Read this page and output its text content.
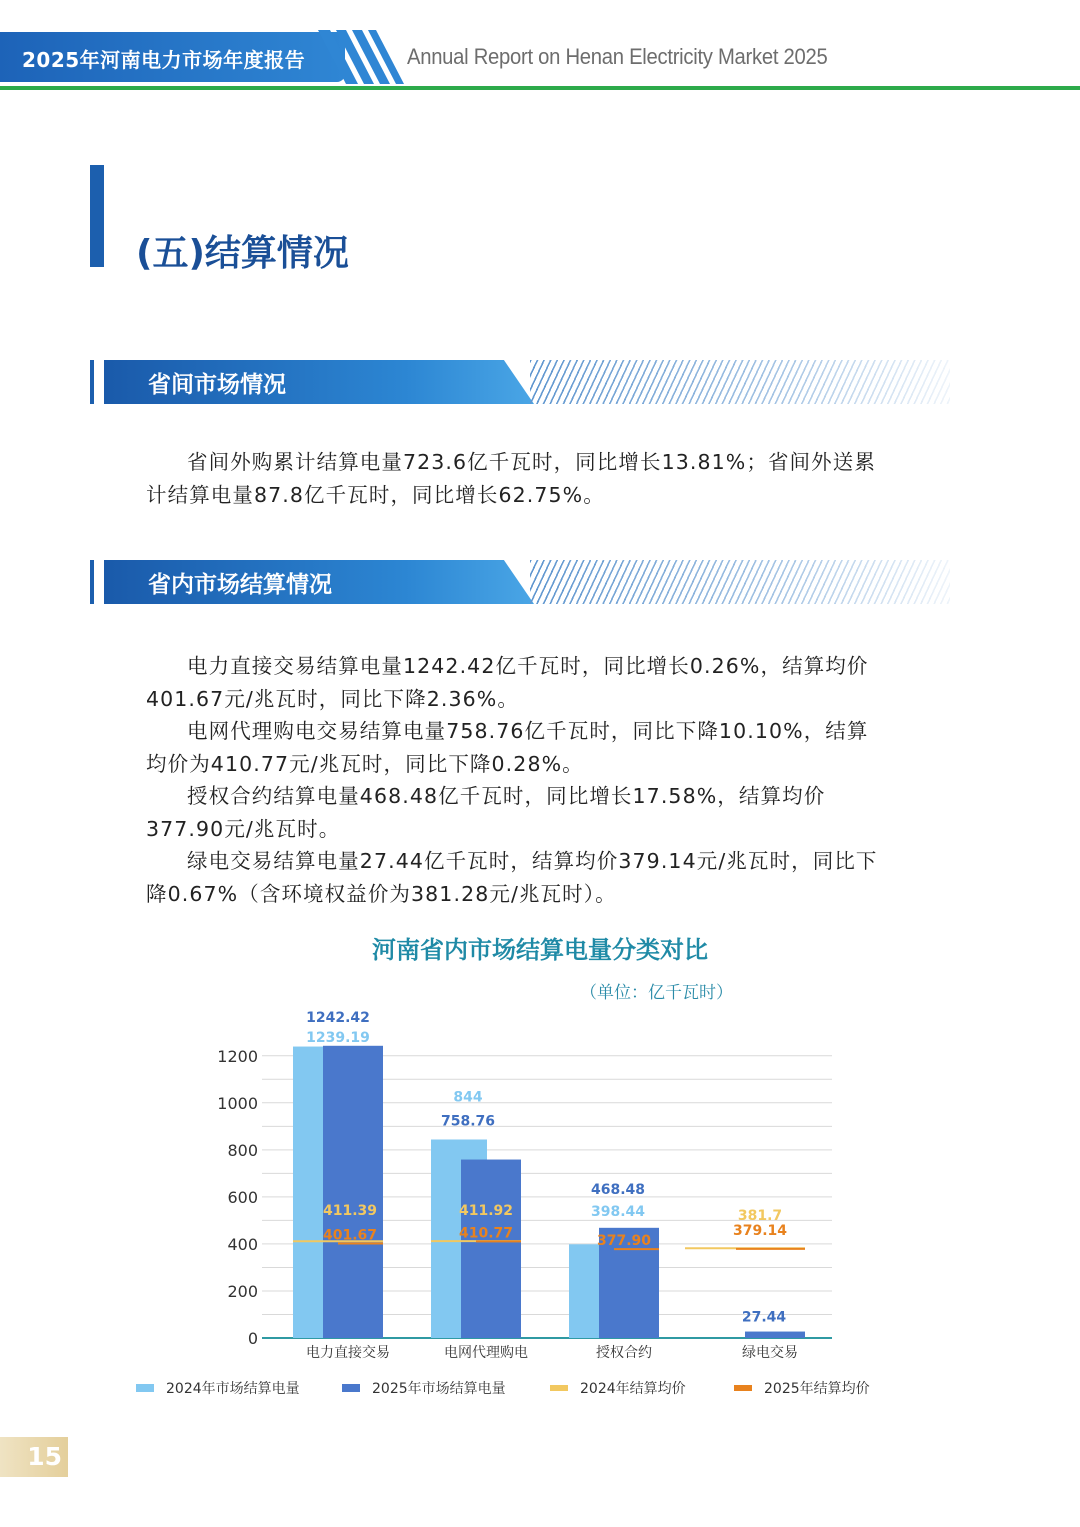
2025年河南电力市场年度报告	Annual Report on Henan Electricity Market 2025
(五)结算情况
省间市场情况

省间外购累计结算电量723.6亿千瓦时，同比增长13.81%；省间外送累计结算电量87.8亿千瓦时，同比增长62.75%。

省内市场结算情况

电力直接交易结算电量1242.42亿千瓦时，同比增长0.26%，结算均价401.67元/兆瓦时，同比下降2.36%。

电网代理购电交易结算电量758.76亿千瓦时，同比下降10.10%，结算均价为410.77元/兆瓦时，同比下降0.28%。

授权合约结算电量468.48亿千瓦时，同比增长17.58%，结算均价377.90元/兆瓦时。

绿电交易结算电量27.44亿千瓦时，结算均价379.14元/兆瓦时，同比下降0.67%（含环境权益价为381.28元/兆瓦时）。

河南省内市场结算电量分类对比
（单位：亿千瓦时）
0
200
400
600
800
1000
1200
电力直接交易	电网代理购电	授权合约	绿电交易
1242.42
1239.19
844
758.76
468.48
398.44
27.44
411.39
401.67
411.92
410.77	377.90
381.7
379.14
2024年市场结算电量	2025年市场结算电量	2024年结算均价	2025年结算均价
15
